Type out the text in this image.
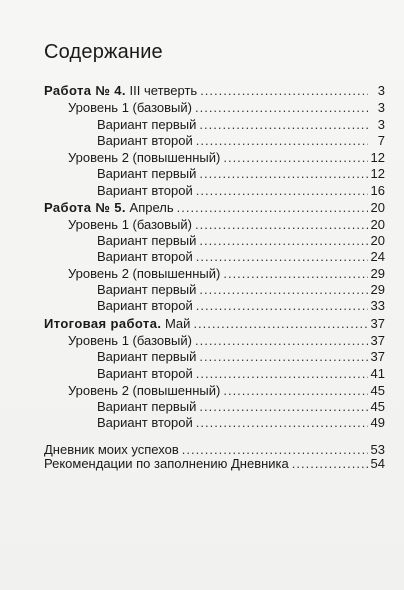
Содержание
Работа № 4. III четверть .....	3
Уровень 1 (базовый) .....	3
Вариант первый .....	3
Вариант второй .....	7
Уровень 2 (повышенный) .....	12
Вариант первый .....	12
Вариант второй .....	16
Работа № 5. Апрель .....	20
Уровень 1 (базовый) .....	20
Вариант первый .....	20
Вариант второй .....	24
Уровень 2 (повышенный) .....	29
Вариант первый .....	29
Вариант второй .....	33
Итоговая работа. Май .....	37
Уровень 1 (базовый) .....	37
Вариант первый .....	37
Вариант второй .....	41
Уровень 2 (повышенный) .....	45
Вариант первый .....	45
Вариант второй .....	49
Дневник моих успехов .....	53
Рекомендации по заполнению Дневника .....	54
